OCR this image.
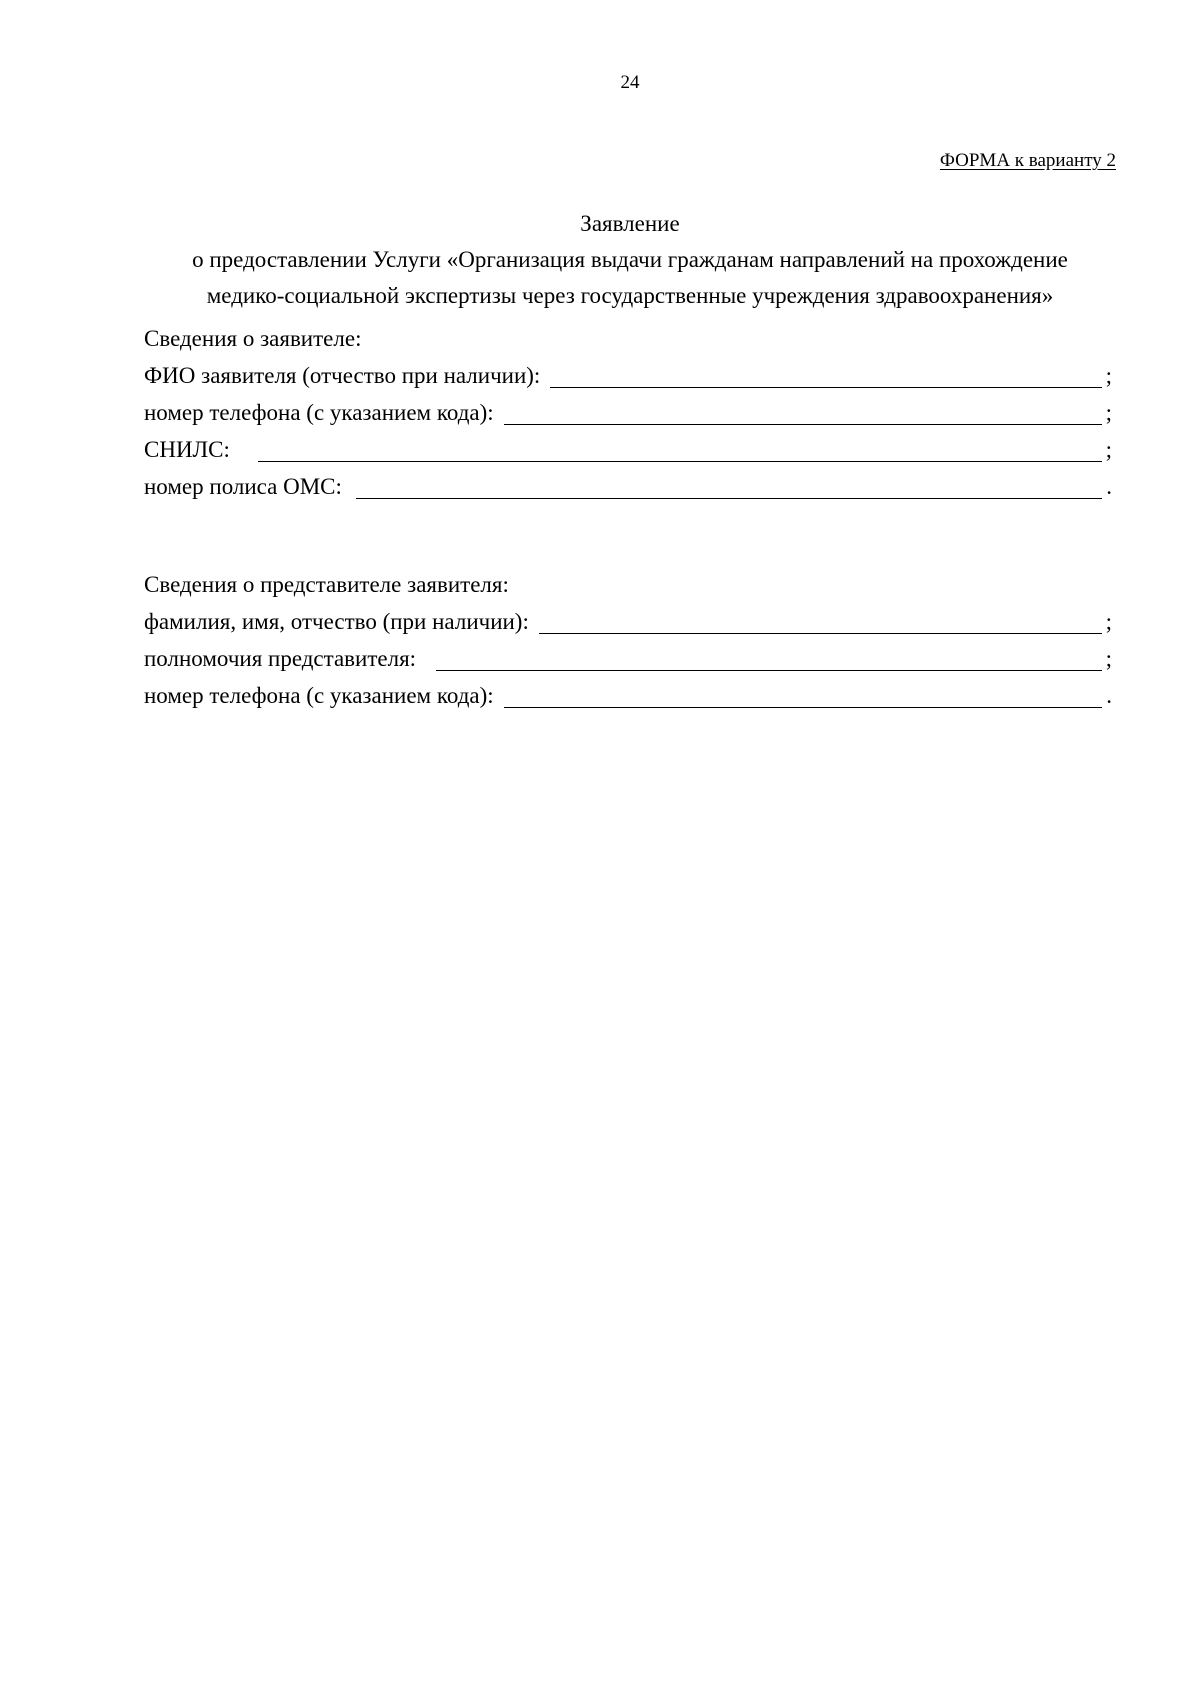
24
ФОРМА к варианту 2
Заявление
о предоставлении Услуги «Организация выдачи гражданам направлений на прохождение
медико-социальной экспертизы через государственные учреждения здравоохранения»
Сведения о заявителе:
ФИО заявителя (отчество при наличии):	;
номер телефона (с указанием кода):	;
СНИЛС:	;
номер полиса ОМС:	.
Сведения о представителе заявителя:
фамилия, имя, отчество (при наличии):	;
полномочия представителя:	;
номер телефона (с указанием кода):	.
